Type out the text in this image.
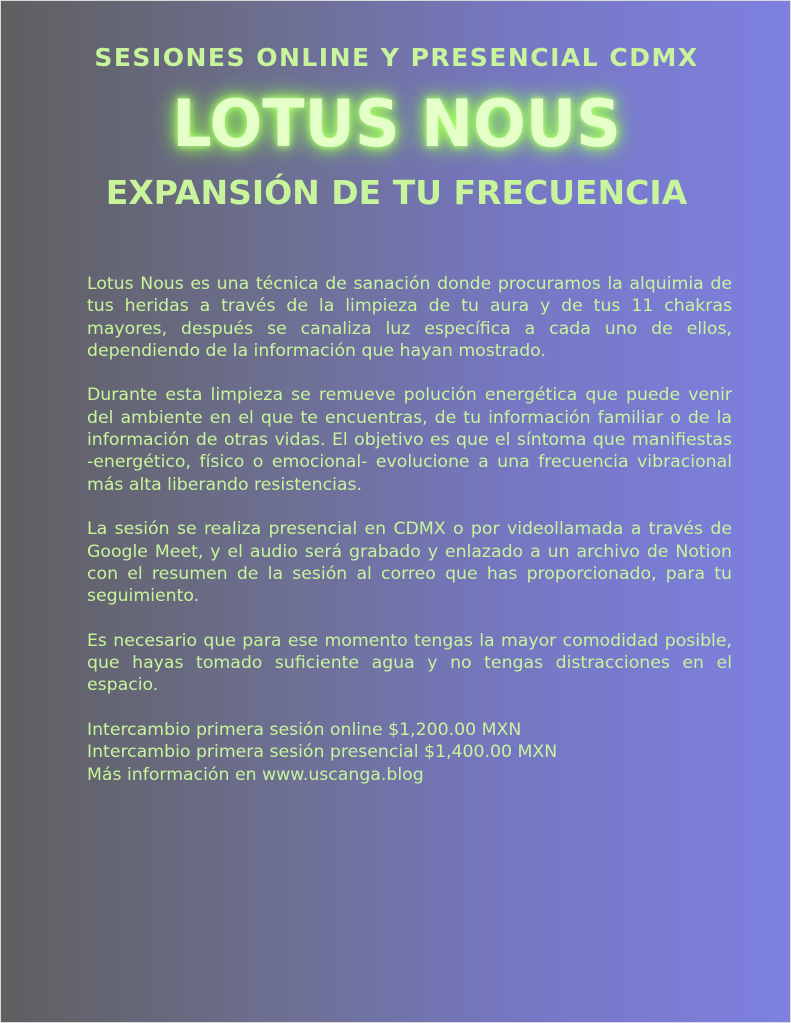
SESIONES ONLINE Y PRESENCIAL CDMX
LOTUS NOUS
EXPANSIÓN DE TU FRECUENCIA

Lotus Nous es una técnica de sanación donde procuramos la alquimia de tus heridas a través de la limpieza de tu aura y de tus 11 chakras mayores, después se canaliza luz específica a cada uno de ellos, dependiendo de la información que hayan mostrado.

Durante esta limpieza se remueve polución energética que puede venir del ambiente en el que te encuentras, de tu información familiar o de la información de otras vidas. El objetivo es que el síntoma que manifiestas -energético, físico o emocional- evolucione a una frecuencia vibracional más alta liberando resistencias.

La sesión se realiza presencial en CDMX o por videollamada a través de Google Meet, y el audio será grabado y enlazado a un archivo de Notion con el resumen de la sesión al correo que has proporcionado, para tu seguimiento.

Es necesario que para ese momento tengas la mayor comodidad posible, que hayas tomado suficiente agua y no tengas distracciones en el espacio.

Intercambio primera sesión online $1,200.00 MXN

Intercambio primera sesión presencial $1,400.00 MXN

Más información en www.uscanga.blog
